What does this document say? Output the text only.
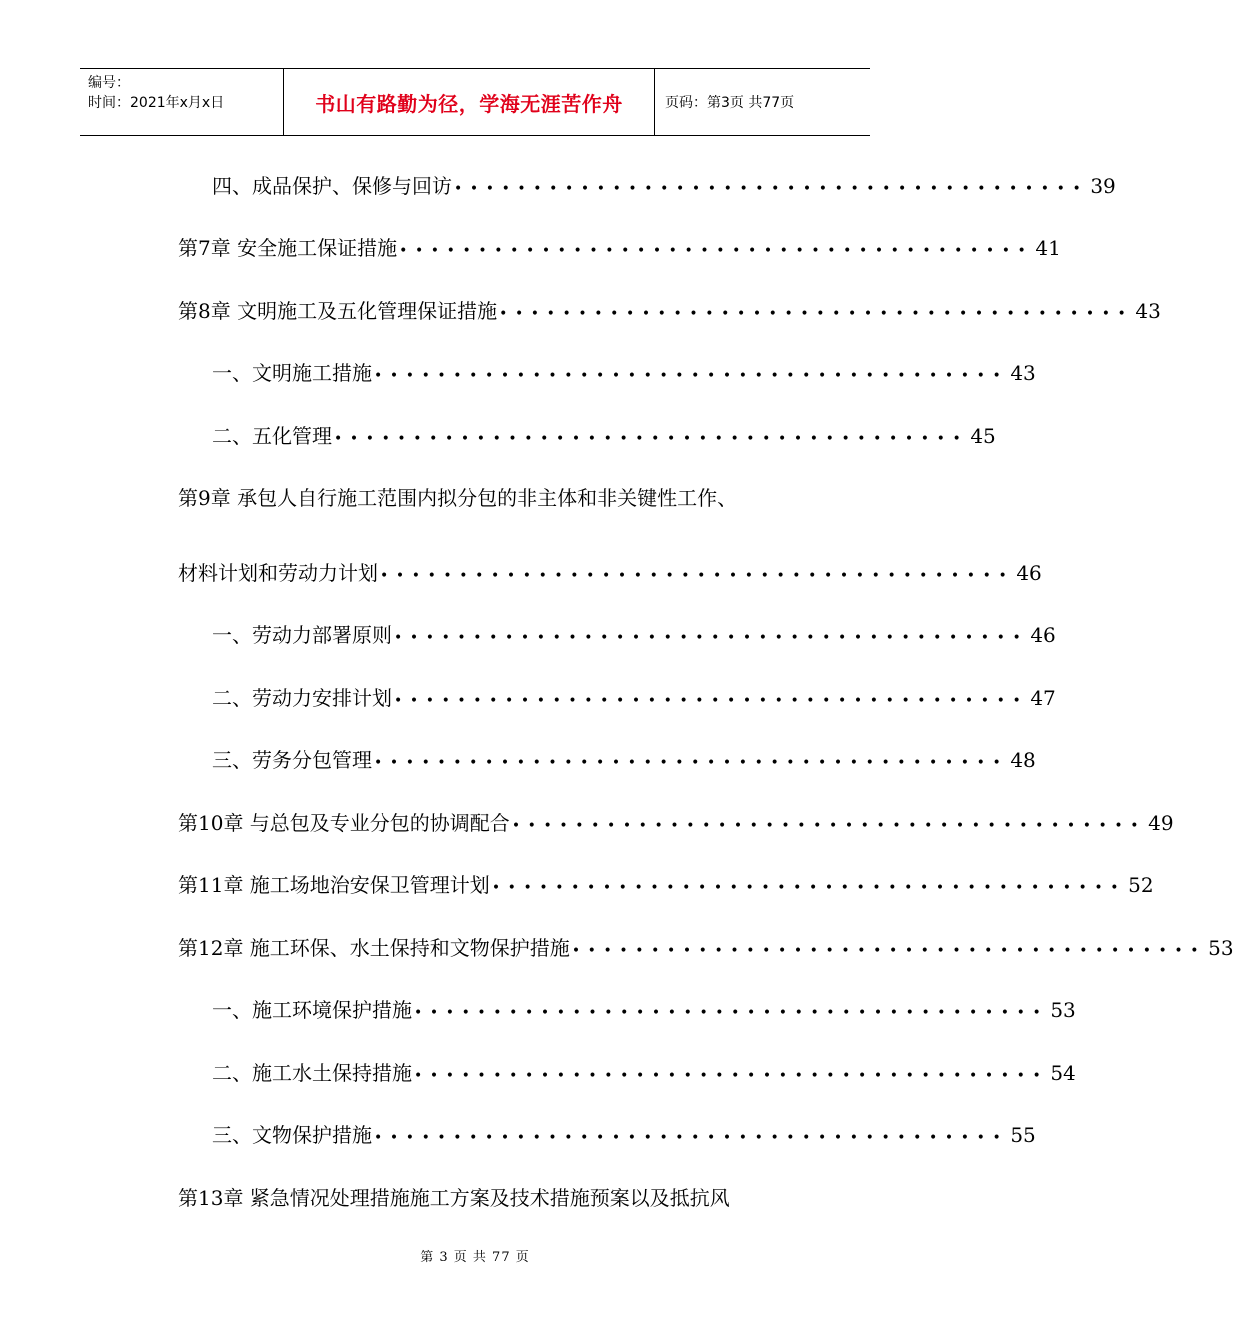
编号：
时间：2021年x月x日	书山有路勤为径，学海无涯苦作舟	页码：第3页 共77页
四、成品保护、保修与回访 •••••••••••••••••••••••••••••••••••••••• 39
第7章 安全施工保证措施 •••••••••••••••••••••••••••••••••••••••• 41
第8章 文明施工及五化管理保证措施 •••••••••••••••••••••••••••••••••••••••• 43
一、文明施工措施 •••••••••••••••••••••••••••••••••••••••• 43
二、五化管理 •••••••••••••••••••••••••••••••••••••••• 45
第9章 承包人自行施工范围内拟分包的非主体和非关键性工作、
材料计划和劳动力计划 •••••••••••••••••••••••••••••••••••••••• 46
一、劳动力部署原则 •••••••••••••••••••••••••••••••••••••••• 46
二、劳动力安排计划 •••••••••••••••••••••••••••••••••••••••• 47
三、劳务分包管理 •••••••••••••••••••••••••••••••••••••••• 48
第10章 与总包及专业分包的协调配合 •••••••••••••••••••••••••••••••••••••••• 49
第11章 施工场地治安保卫管理计划 •••••••••••••••••••••••••••••••••••••••• 52
第12章 施工环保、水土保持和文物保护措施 •••••••••••••••••••••••••••••••••••••••• 53
一、施工环境保护措施 •••••••••••••••••••••••••••••••••••••••• 53
二、施工水土保持措施 •••••••••••••••••••••••••••••••••••••••• 54
三、文物保护措施 •••••••••••••••••••••••••••••••••••••••• 55
第13章 紧急情况处理措施施工方案及技术措施预案以及抵抗风
第 3 页 共 77 页
